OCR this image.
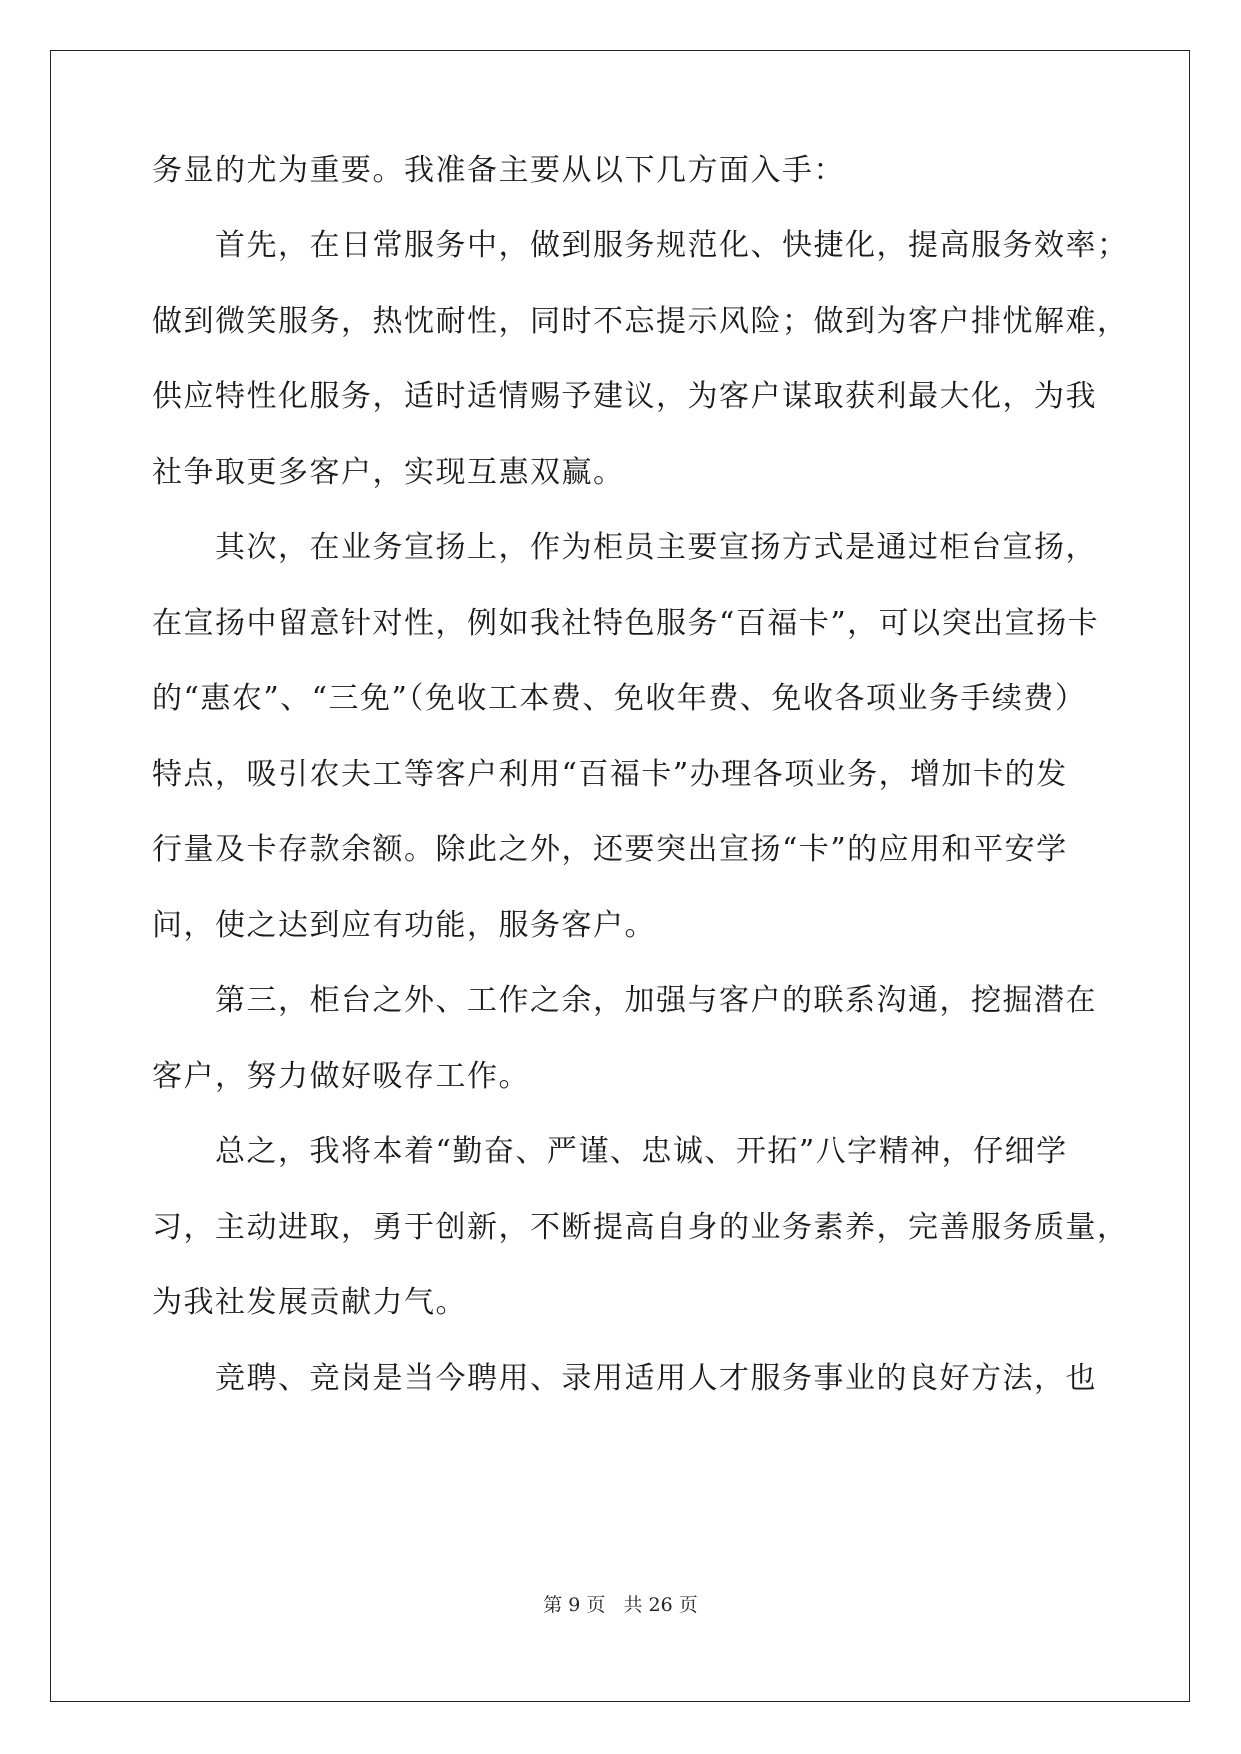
务显的尤为重要。我准备主要从以下几方面入手：
首先，在日常服务中，做到服务规范化、快捷化，提高服务效率；
做到微笑服务，热忱耐性，同时不忘提示风险；做到为客户排忧解难，
供应特性化服务，适时适情赐予建议，为客户谋取获利最大化，为我
社争取更多客户，实现互惠双赢。
其次，在业务宣扬上，作为柜员主要宣扬方式是通过柜台宣扬，
在宣扬中留意针对性，例如我社特色服务“百福卡”，可以突出宣扬卡
的“惠农”、“三免”（免收工本费、免收年费、免收各项业务手续费）
特点，吸引农夫工等客户利用“百福卡”办理各项业务，增加卡的发
行量及卡存款余额。除此之外，还要突出宣扬“卡”的应用和平安学
问，使之达到应有功能，服务客户。
第三，柜台之外、工作之余，加强与客户的联系沟通，挖掘潜在
客户，努力做好吸存工作。
总之，我将本着“勤奋、严谨、忠诚、开拓”八字精神，仔细学
习，主动进取，勇于创新，不断提高自身的业务素养，完善服务质量，
为我社发展贡献力气。
竞聘、竞岗是当今聘用、录用适用人才服务事业的良好方法，也
第 9 页 共 26 页
